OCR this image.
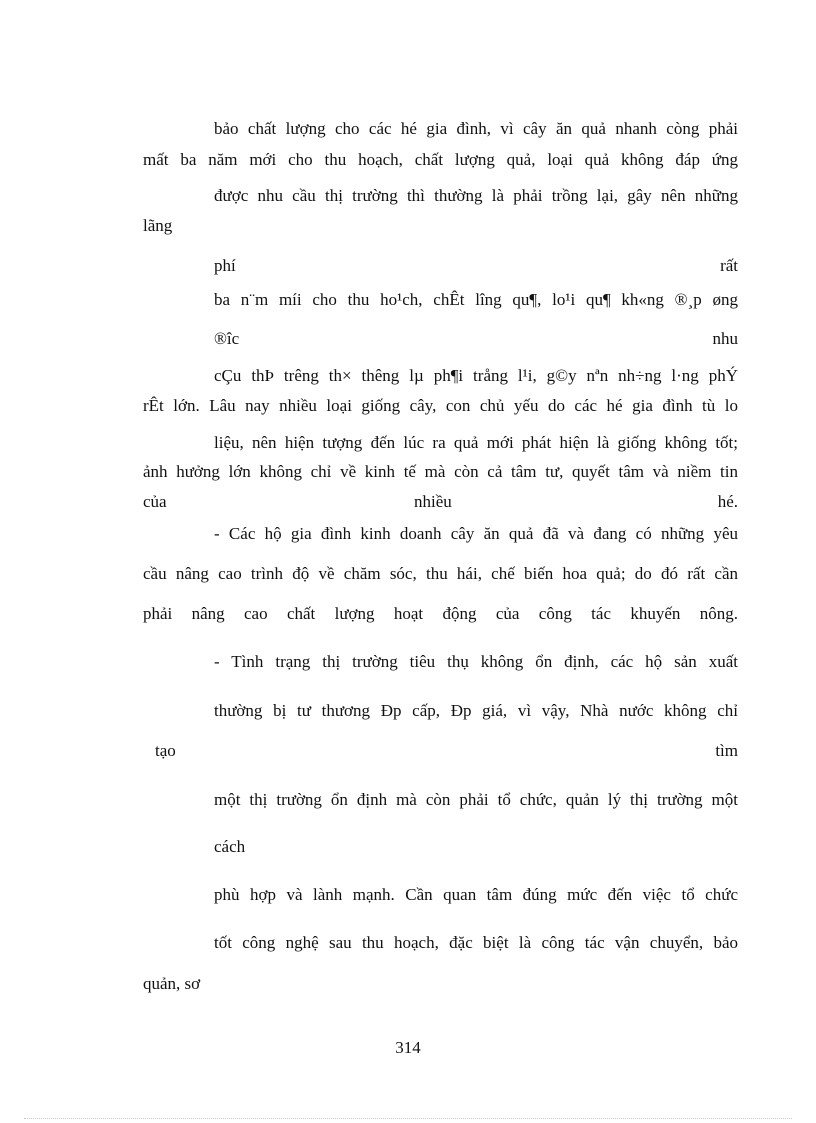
bảo chất lượng cho các hé gia đình, vì cây ăn quả nhanh còng phải
mất ba năm mới cho thu hoạch, chất lượng quả, loại quả không đáp ứng
được nhu cầu thị trường thì thường là phải trồng lại, gây nên những
lãng
phí	rất
ba n¨m míi cho thu ho¹ch, chÊt lîng qu¶, lo¹i qu¶ kh«ng ®¸p øng
®îc	nhu
cÇu thÞ trêng th× thêng lµ ph¶i trång l¹i, g©y nªn nh÷ng l·ng phÝ
rÊt lớn. Lâu nay nhiều loại giống cây, con chủ yếu do các hé gia đình tù lo
liệu, nên hiện tượng đến lúc ra quả mới phát hiện là giống không tốt;
ảnh hưởng lớn không chỉ về kinh tế mà còn cả tâm tư, quyết tâm và niềm tin
của	nhiều	hé.
- Các hộ gia đình kinh doanh cây ăn quả đã và đang có những yêu
cầu nâng cao trình độ về chăm sóc, thu hái, chế biến hoa quả; do đó rất cần
phải nâng cao chất lượng hoạt động của công tác khuyến nông.
- Tình trạng thị trường tiêu thụ không ổn định, các hộ sản xuất
thường bị tư thương Đp cấp, Đp giá, vì vậy, Nhà nước không chỉ
tạo	tìm
một thị trường ổn định mà còn phải tổ chức, quản lý thị trường một
cách
phù hợp và lành mạnh. Cần quan tâm đúng mức đến việc tổ chức
tốt công nghệ sau thu hoạch, đặc biệt là công tác vận chuyển, bảo
quản, sơ
314
